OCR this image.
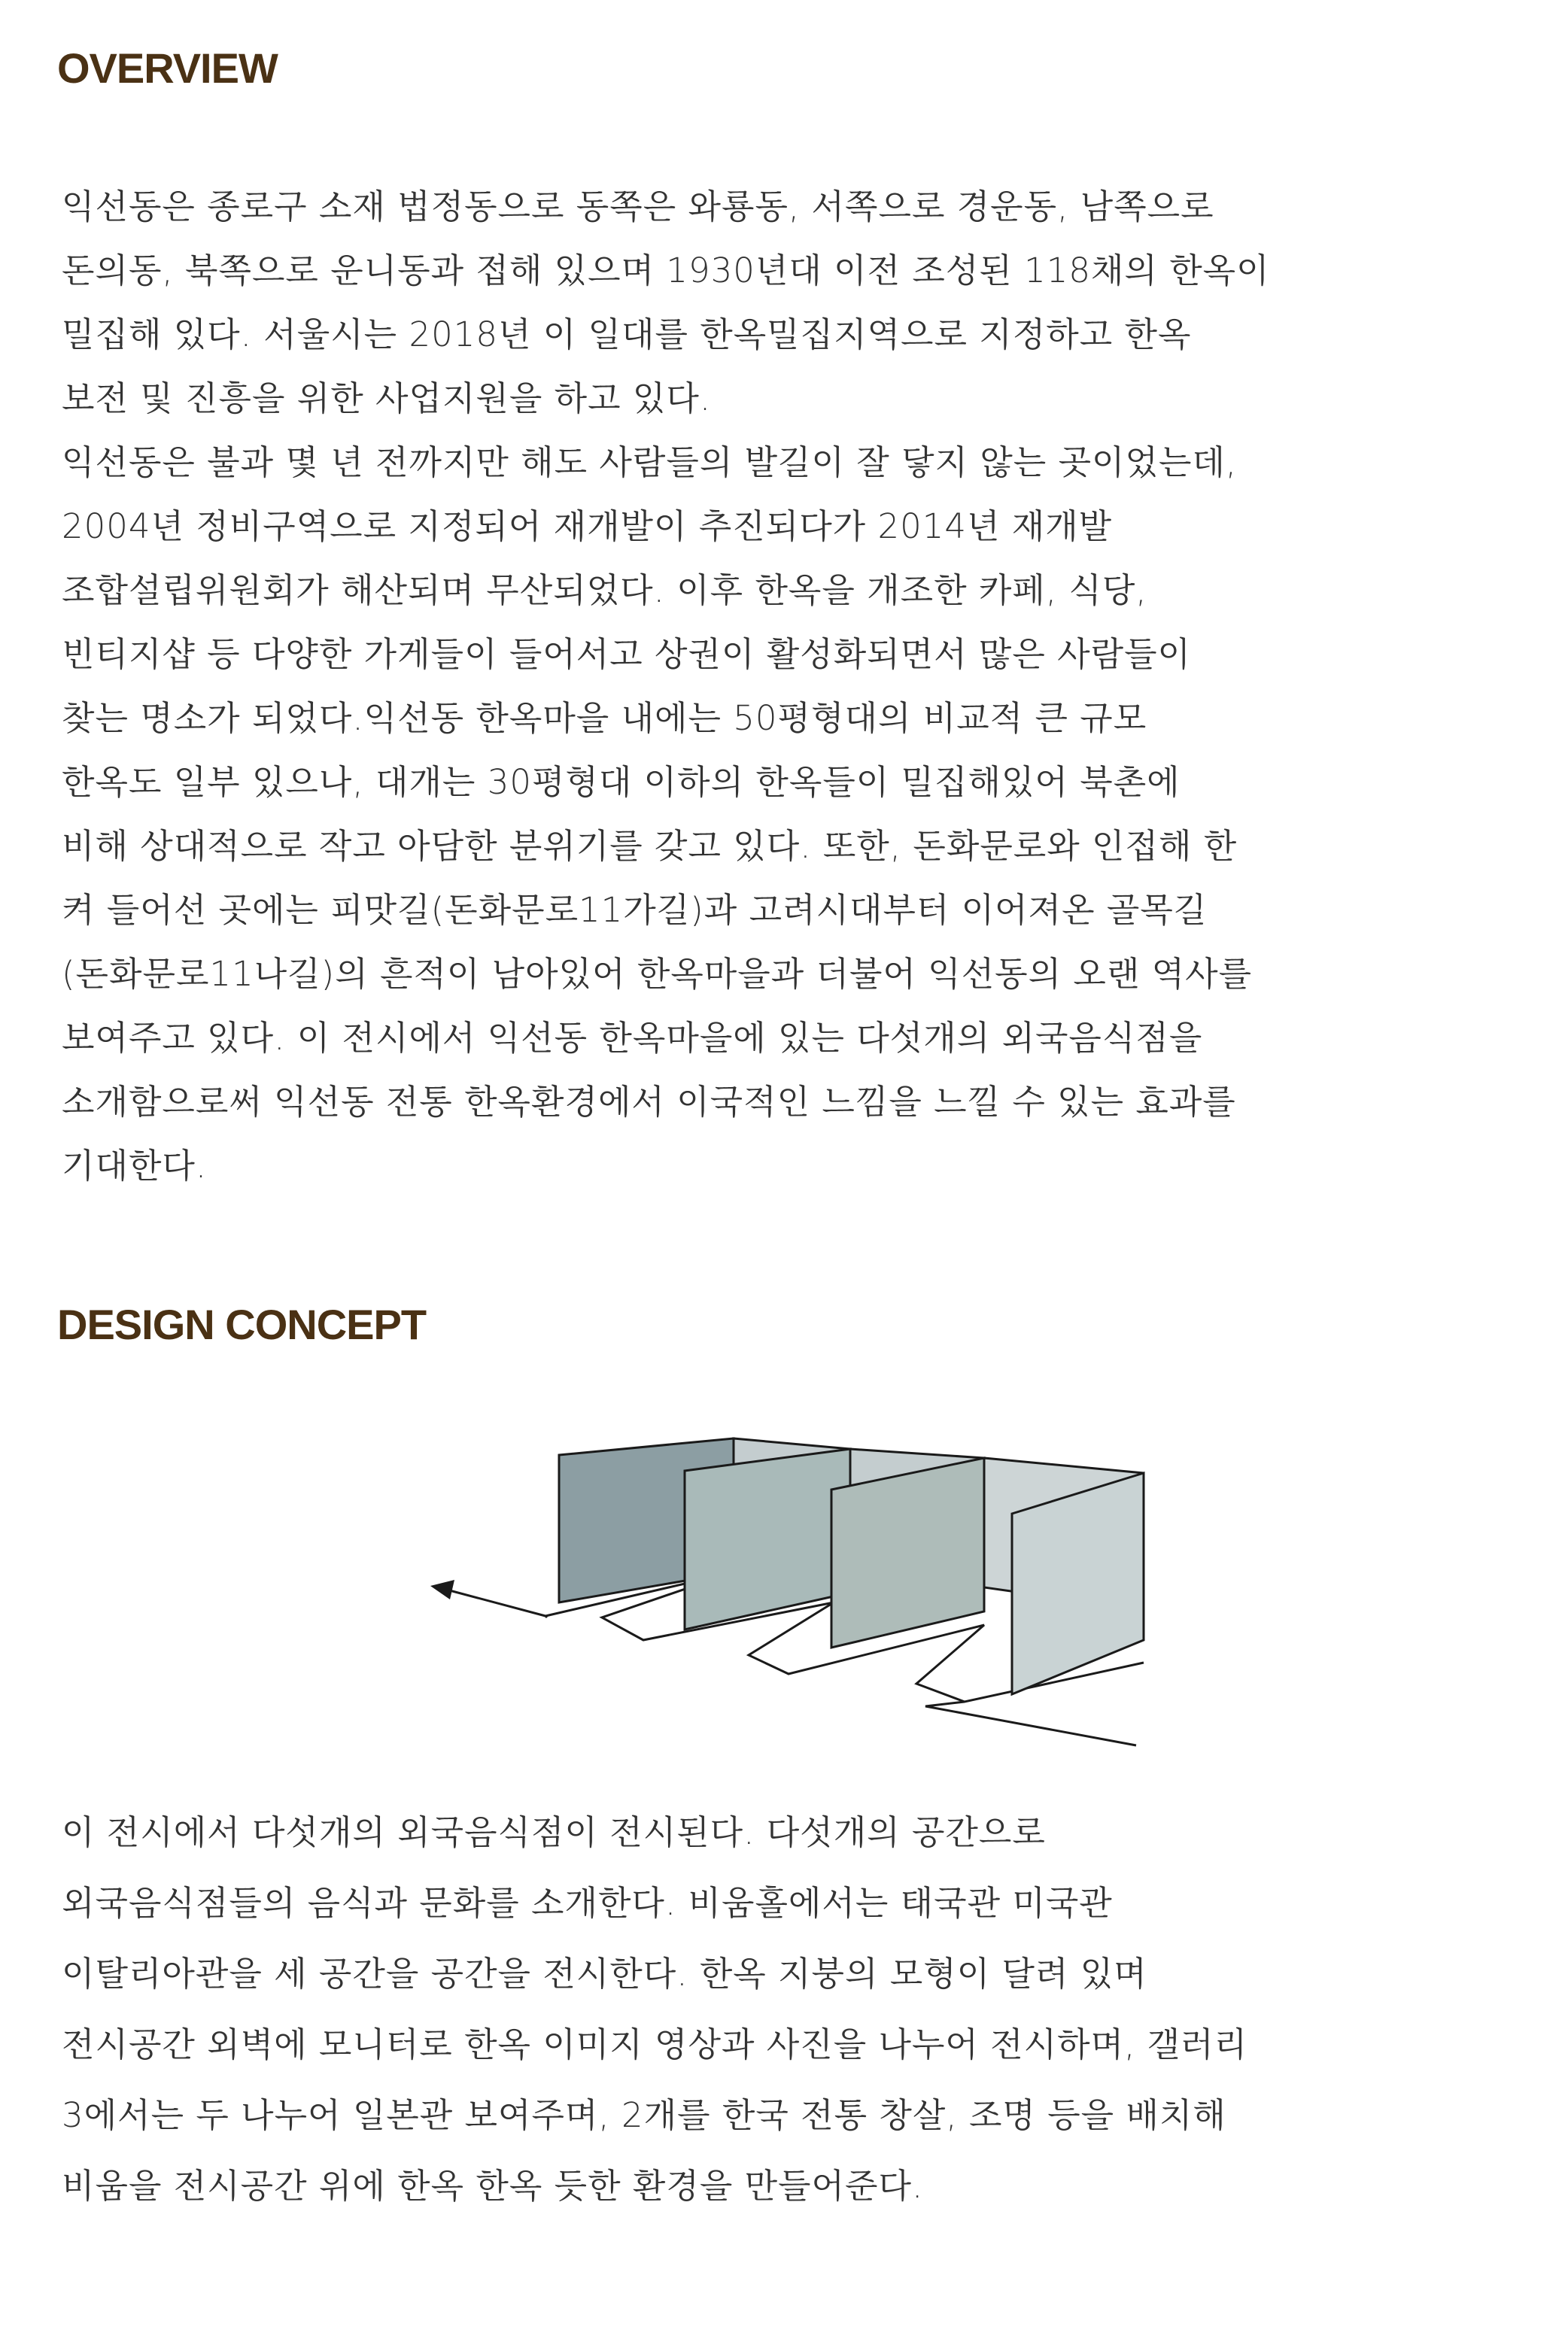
OVERVIEW
익선동은 종로구 소재 법정동으로 동쪽은 와룡동, 서쪽으로 경운동, 남쪽으로
돈의동, 북쪽으로 운니동과 접해 있으며 1930년대 이전 조성된 118채의 한옥이
밀집해 있다. 서울시는 2018년 이 일대를 한옥밀집지역으로 지정하고 한옥
보전 및 진흥을 위한 사업지원을 하고 있다.
익선동은 불과 몇 년 전까지만 해도 사람들의 발길이 잘 닿지 않는 곳이었는데,
2004년 정비구역으로 지정되어 재개발이 추진되다가 2014년 재개발
조합설립위원회가 해산되며 무산되었다. 이후 한옥을 개조한 카페, 식당,
빈티지샵 등 다양한 가게들이 들어서고 상권이 활성화되면서 많은 사람들이
찾는 명소가 되었다.익선동 한옥마을 내에는 50평형대의 비교적 큰 규모
한옥도 일부 있으나, 대개는 30평형대 이하의 한옥들이 밀집해있어 북촌에
비해 상대적으로 작고 아담한 분위기를 갖고 있다. 또한, 돈화문로와 인접해 한
켜 들어선 곳에는 피맛길(돈화문로11가길)과 고려시대부터 이어져온 골목길
(돈화문로11나길)의 흔적이 남아있어 한옥마을과 더불어 익선동의 오랜 역사를
보여주고 있다. 이 전시에서 익선동 한옥마을에 있는 다섯개의 외국음식점을
소개함으로써 익선동 전통 한옥환경에서 이국적인 느낌을 느낄 수 있는 효과를
기대한다.
DESIGN CONCEPT
이 전시에서 다섯개의 외국음식점이 전시된다. 다섯개의 공간으로
외국음식점들의 음식과 문화를 소개한다. 비움홀에서는 태국관 미국관
이탈리아관을 세 공간을 공간을 전시한다. 한옥 지붕의 모형이 달려 있며
전시공간 외벽에 모니터로 한옥 이미지 영상과 사진을 나누어 전시하며, 갤러리
3에서는 두 나누어 일본관 보여주며, 2개를 한국 전통 창살, 조명 등을 배치해
비움을 전시공간 위에 한옥 한옥 듯한 환경을 만들어준다.
